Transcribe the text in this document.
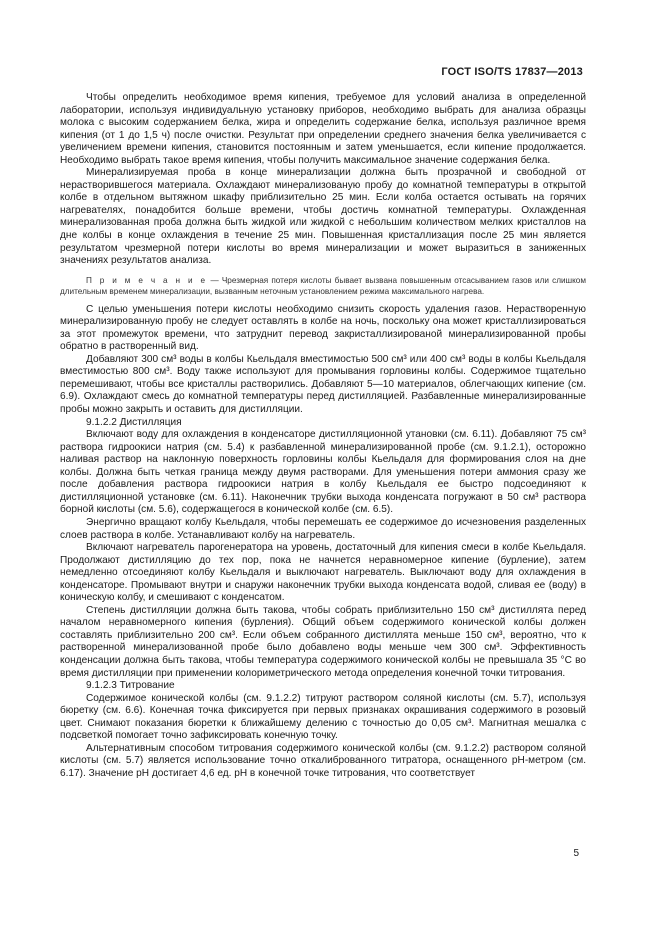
ГОСТ ISO/TS 17837—2013

Чтобы определить необходимое время кипения, требуемое для условий анализа в определенной лаборатории, используя индивидуальную установку приборов, необходимо выбрать для анализа образцы молока с высоким содержанием белка, жира и определить содержание белка, используя различное время кипения (от 1 до 1,5 ч) после очистки. Результат при определении среднего значения белка увеличивается с увеличением времени кипения, становится постоянным и затем уменьшается, если кипение продолжается. Необходимо выбрать такое время кипения, чтобы получить максимальное значение содержания белка.

Минерализируемая проба в конце минерализации должна быть прозрачной и свободной от нерастворившегося материала. Охлаждают минерализованую пробу до комнатной температуры в открытой колбе в отдельном вытяжном шкафу приблизительно 25 мин. Если колба остается остывать на горячих нагревателях, понадобится больше времени, чтобы достичь комнатной температуры. Охлажденная минерализованная проба должна быть жидкой или жидкой с небольшим количеством мелких кристаллов на дне колбы в конце охлаждения в течение 25 мин. Повышенная кристаллизация после 25 мин является результатом чрезмерной потери кислоты во время минерализации и может выразиться в заниженных значениях результатов анализа.

П р и м е ч а н и е — Чрезмерная потеря кислоты бывает вызвана повышенным отсасыванием газов или слишком длительным временем минерализации, вызванным неточным установлением режима максимального нагрева.

С целью уменьшения потери кислоты необходимо снизить скорость удаления газов. Нерастворенную минерализированную пробу не следует оставлять в колбе на ночь, поскольку она может кристаллизироваться за этот промежуток времени, что затруднит перевод закристаллизированой минерализированной пробы обратно в растворенный вид.

Добавляют 300 см³ воды в колбы Кьельдаля вместимостью 500 см³ или 400 см³ воды в колбы Кьельдаля вместимостью 800 см³. Воду также используют для промывания горловины колбы. Содержимое тщательно перемешивают, чтобы все кристаллы растворились. Добавляют 5—10 материалов, облегчающих кипение (см. 6.9). Охлаждают смесь до комнатной температуры перед дистилляцией. Разбавленные минерализированные пробы можно закрыть и оставить для дистилляции.

9.1.2.2 Дистилляция

Включают воду для охлаждения в конденсаторе дистилляционной утановки (см. 6.11). Добавляют 75 см³ раствора гидроокиси натрия (см. 5.4) к разбавленной минерализированной пробе (см. 9.1.2.1), осторожно наливая раствор на наклонную поверхность горловины колбы Кьельдаля для формирования слоя на дне колбы. Должна быть четкая граница между двумя растворами. Для уменьшения потери аммония сразу же после добавления раствора гидроокиси натрия в колбу Кьельдаля ее быстро подсоединяют к дистилляционной установке (см. 6.11). Наконечник трубки выхода конденсата погружают в 50 см³ раствора борной кислоты (см. 5.6), содержащегося в конической колбе (см. 6.5).

Энергично вращают колбу Кьельдаля, чтобы перемешать ее содержимое до исчезновения разделенных слоев раствора в колбе. Устанавливают колбу на нагреватель.

Включают нагреватель парогенератора на уровень, достаточный для кипения смеси в колбе Кьельдаля. Продолжают дистилляцию до тех пор, пока не начнется неравномерное кипение (бурление), затем немедленно отсоединяют колбу Кьельдаля и выключают нагреватель. Выключают воду для охлаждения в конденсаторе. Промывают внутри и снаружи наконечник трубки выхода конденсата водой, сливая ее (воду) в коническую колбу, и смешивают с конденсатом.

Степень дистилляции должна быть такова, чтобы собрать приблизительно 150 см³ дистиллята перед началом неравномерного кипения (бурления). Общий объем содержимого конической колбы должен составлять приблизительно 200 см³. Если объем собранного дистиллята меньше 150 см³, вероятно, что к растворенной минерализованной пробе было добавлено воды меньше чем 300 см³. Эффективность конденсации должна быть такова, чтобы температура содержимого конической колбы не превышала 35 °C во время дистилляции при применении колориметрического метода определения конечной точки титрования.

9.1.2.3 Титрование

Содержимое конической колбы (см. 9.1.2.2) титруют раствором соляной кислоты (см. 5.7), используя бюретку (см. 6.6). Конечная точка фиксируется при первых признаках окрашивания содержимого в розовый цвет. Снимают показания бюретки к ближайшему делению с точностью до 0,05 см³. Магнитная мешалка с подсветкой помогает точно зафиксировать конечную точку.

Альтернативным способом титрования содержимого конической колбы (см. 9.1.2.2) раствором соляной кислоты (см. 5.7) является использование точно откалиброванного титратора, оснащенного pH-метром (см. 6.17). Значение pH достигает 4,6 ед. pH в конечной точке титрования, что соответствует

5
